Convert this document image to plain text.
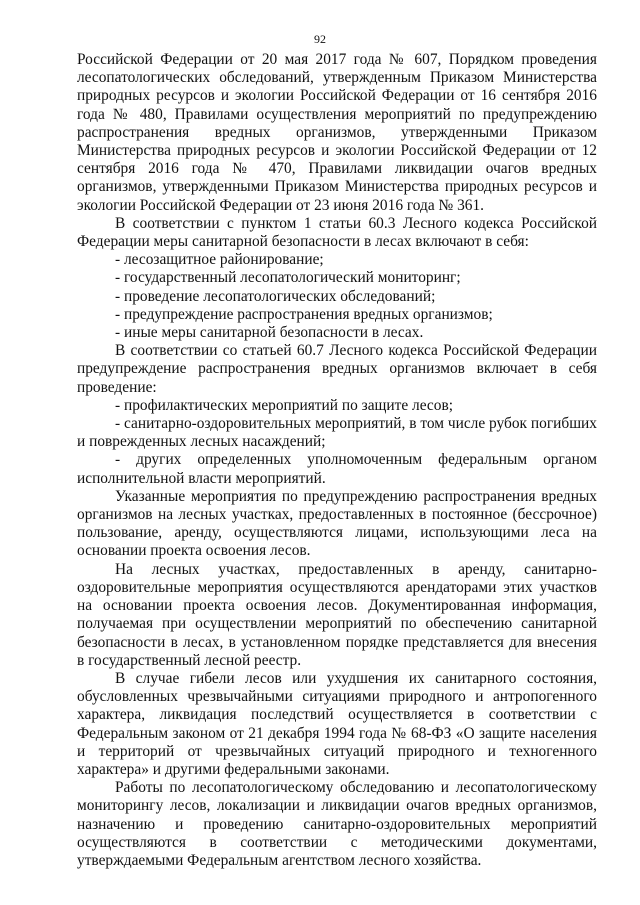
92

Российской Федерации от 20 мая 2017 года № 607, Порядком проведения лесопатологических обследований, утвержденным Приказом Министерства природных ресурсов и экологии Российской Федерации от 16 сентября 2016 года № 480, Правилами осуществления мероприятий по предупреждению распространения вредных организмов, утвержденными Приказом Министерства природных ресурсов и экологии Российской Федерации от 12 сентября 2016 года № 470, Правилами ликвидации очагов вредных организмов, утвержденными Приказом Министерства природных ресурсов и экологии Российской Федерации от 23 июня 2016 года № 361.

В соответствии с пунктом 1 статьи 60.3 Лесного кодекса Российской Федерации меры санитарной безопасности в лесах включают в себя:

- лесозащитное районирование;

- государственный лесопатологический мониторинг;

- проведение лесопатологических обследований;

- предупреждение распространения вредных организмов;

- иные меры санитарной безопасности в лесах.

В соответствии со статьей 60.7 Лесного кодекса Российской Федерации предупреждение распространения вредных организмов включает в себя проведение:

- профилактических мероприятий по защите лесов;

- санитарно-оздоровительных мероприятий, в том числе рубок погибших и поврежденных лесных насаждений;

- других определенных уполномоченным федеральным органом исполнительной власти мероприятий.

Указанные мероприятия по предупреждению распространения вредных организмов на лесных участках, предоставленных в постоянное (бессрочное) пользование, аренду, осуществляются лицами, использующими леса на основании проекта освоения лесов.

На лесных участках, предоставленных в аренду, санитарно-оздоровительные мероприятия осуществляются арендаторами этих участков на основании проекта освоения лесов. Документированная информация, получаемая при осуществлении мероприятий по обеспечению санитарной безопасности в лесах, в установленном порядке представляется для внесения в государственный лесной реестр.

В случае гибели лесов или ухудшения их санитарного состояния, обусловленных чрезвычайными ситуациями природного и антропогенного характера, ликвидация последствий осуществляется в соответствии с Федеральным законом от 21 декабря 1994 года № 68-ФЗ «О защите населения и территорий от чрезвычайных ситуаций природного и техногенного характера» и другими федеральными законами.

Работы по лесопатологическому обследованию и лесопатологическому мониторингу лесов, локализации и ликвидации очагов вредных организмов, назначению и проведению санитарно-оздоровительных мероприятий осуществляются в соответствии с методическими документами, утверждаемыми Федеральным агентством лесного хозяйства.
